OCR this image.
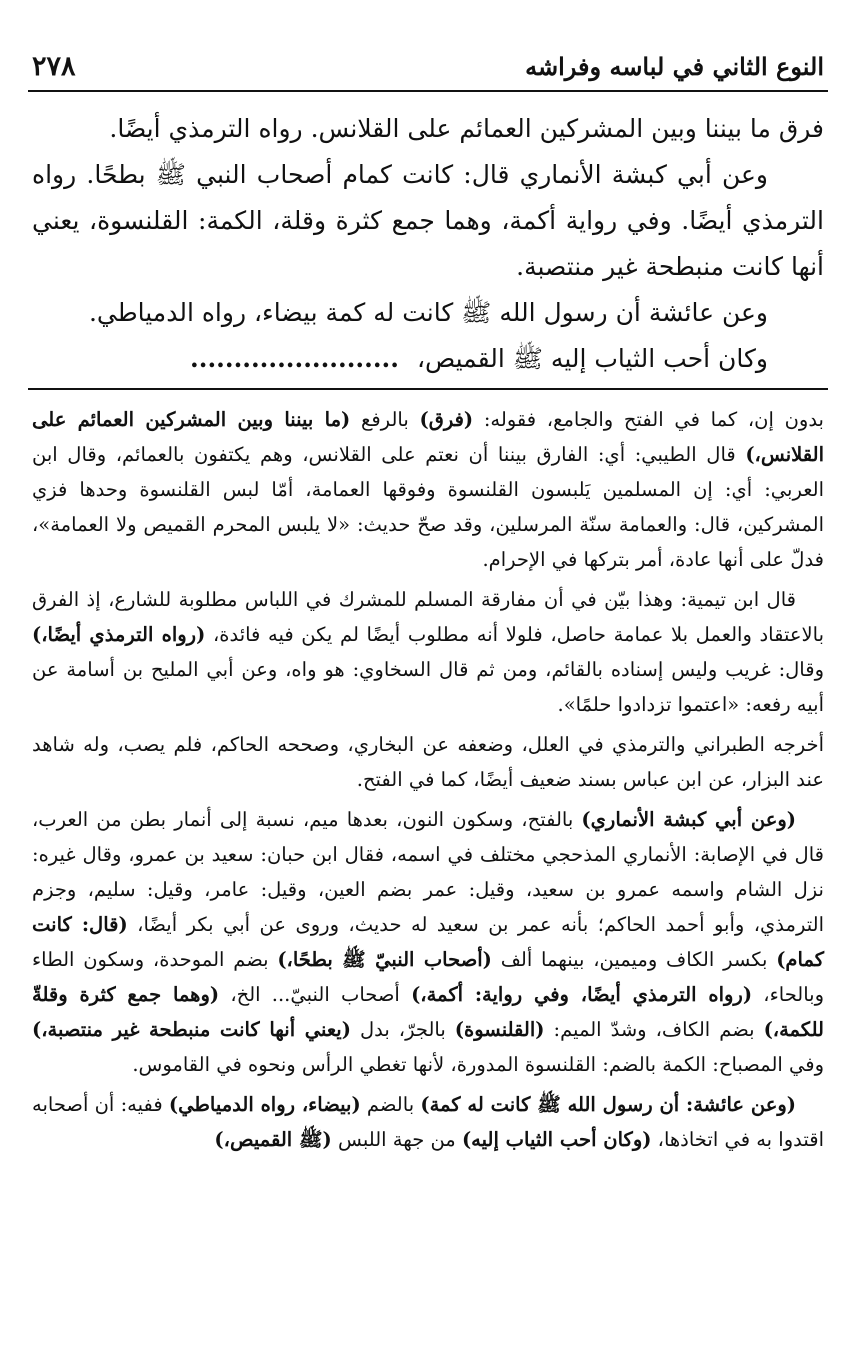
النوع الثاني في لباسه وفراشه
٢٧٨

فرق ما بيننا وبين المشركين العمائم على القلانس. رواه الترمذي أيضًا.

وعن أبي كبشة الأنماري قال: كانت كمام أصحاب النبي ﷺ بطحًا. رواه الترمذي أيضًا. وفي رواية أكمة، وهما جمع كثرة وقلة، الكمة: القلنسوة، يعني أنها كانت منبطحة غير منتصبة.

وعن عائشة أن رسول الله ﷺ كانت له كمة بيضاء، رواه الدمياطي.

وكان أحب الثياب إليه ﷺ القميص،........................

بدون إن، كما في الفتح والجامع، فقوله: (فرق) بالرفع (ما بيننا وبين المشركين العمائم على القلانس،) قال الطيبي: أي: الفارق بيننا أن نعتم على القلانس، وهم يكتفون بالعمائم، وقال ابن العربي: أي: إن المسلمين يَلبسون القلنسوة وفوقها العمامة، أمّا لبس القلنسوة وحدها فزي المشركين، قال: والعمامة سنّة المرسلين، وقد صحّ حديث: «لا يلبس المحرم القميص ولا العمامة»، فدلّ على أنها عادة، أمر بتركها في الإحرام.

قال ابن تيمية: وهذا بيّن في أن مفارقة المسلم للمشرك في اللباس مطلوبة للشارع، إذ الفرق بالاعتقاد والعمل بلا عمامة حاصل، فلولا أنه مطلوب أيضًا لم يكن فيه فائدة، (رواه الترمذي أيضًا،) وقال: غريب وليس إسناده بالقائم، ومن ثم قال السخاوي: هو واه، وعن أبي المليح بن أسامة عن أبيه رفعه: «اعتموا تزدادوا حلمًا».

أخرجه الطبراني والترمذي في العلل، وضعفه عن البخاري، وصححه الحاكم، فلم يصب، وله شاهد عند البزار، عن ابن عباس بسند ضعيف أيضًا، كما في الفتح.

(وعن أبي كبشة الأنماري) بالفتح، وسكون النون، بعدها ميم، نسبة إلى أنمار بطن من العرب، قال في الإصابة: الأنماري المذحجي مختلف في اسمه، فقال ابن حبان: سعيد بن عمرو، وقال غيره: نزل الشام واسمه عمرو بن سعيد، وقيل: عمر بضم العين، وقيل: عامر، وقيل: سليم، وجزم الترمذي، وأبو أحمد الحاكم؛ بأنه عمر بن سعيد له حديث، وروى عن أبي بكر أيضًا، (قال: كانت كمام) بكسر الكاف وميمين، بينهما ألف (أصحاب النبيّ ﷺ بطحًا،) بضم الموحدة، وسكون الطاء وبالحاء، (رواه الترمذي أيضًا، وفي رواية: أكمة،) أصحاب النبيّ... الخ، (وهما جمع كثرة وقلةّ للكمة،) بضم الكاف، وشدّ الميم: (القلنسوة) بالجرّ، بدل (يعني أنها كانت منبطحة غير منتصبة،) وفي المصباح: الكمة بالضم: القلنسوة المدورة، لأنها تغطي الرأس ونحوه في القاموس.

(وعن عائشة: أن رسول الله ﷺ كانت له كمة) بالضم (بيضاء، رواه الدمياطي) ففيه: أن أصحابه اقتدوا به في اتخاذها، (وكان أحب الثياب إليه) من جهة اللبس (ﷺ القميص،)
